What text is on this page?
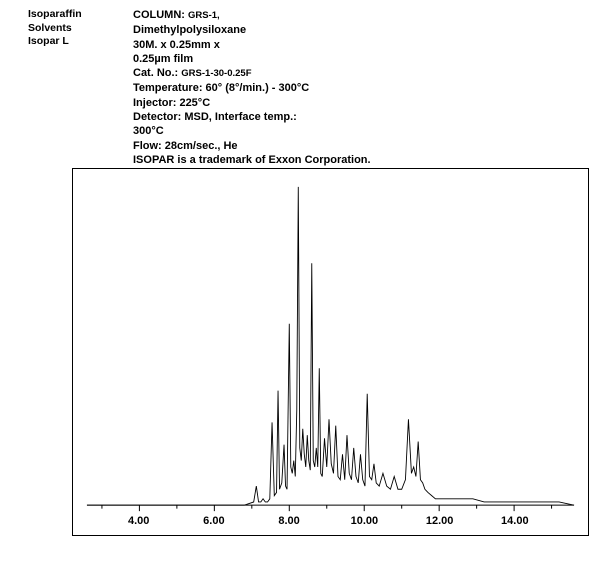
Isoparaffin
Solvents
Isopar L
COLUMN: GRS-1,
Dimethylpolysiloxane
30M. x 0.25mm x
0.25µm film
Cat. No.: GRS-1-30-0.25F
Temperature: 60° (8°/min.) - 300°C
Injector: 225°C
Detector: MSD, Interface temp.:
300°C
Flow: 28cm/sec., He
ISOPAR is a trademark of Exxon Corporation.
4.00	6.00	8.00	10.00	12.00	14.00
